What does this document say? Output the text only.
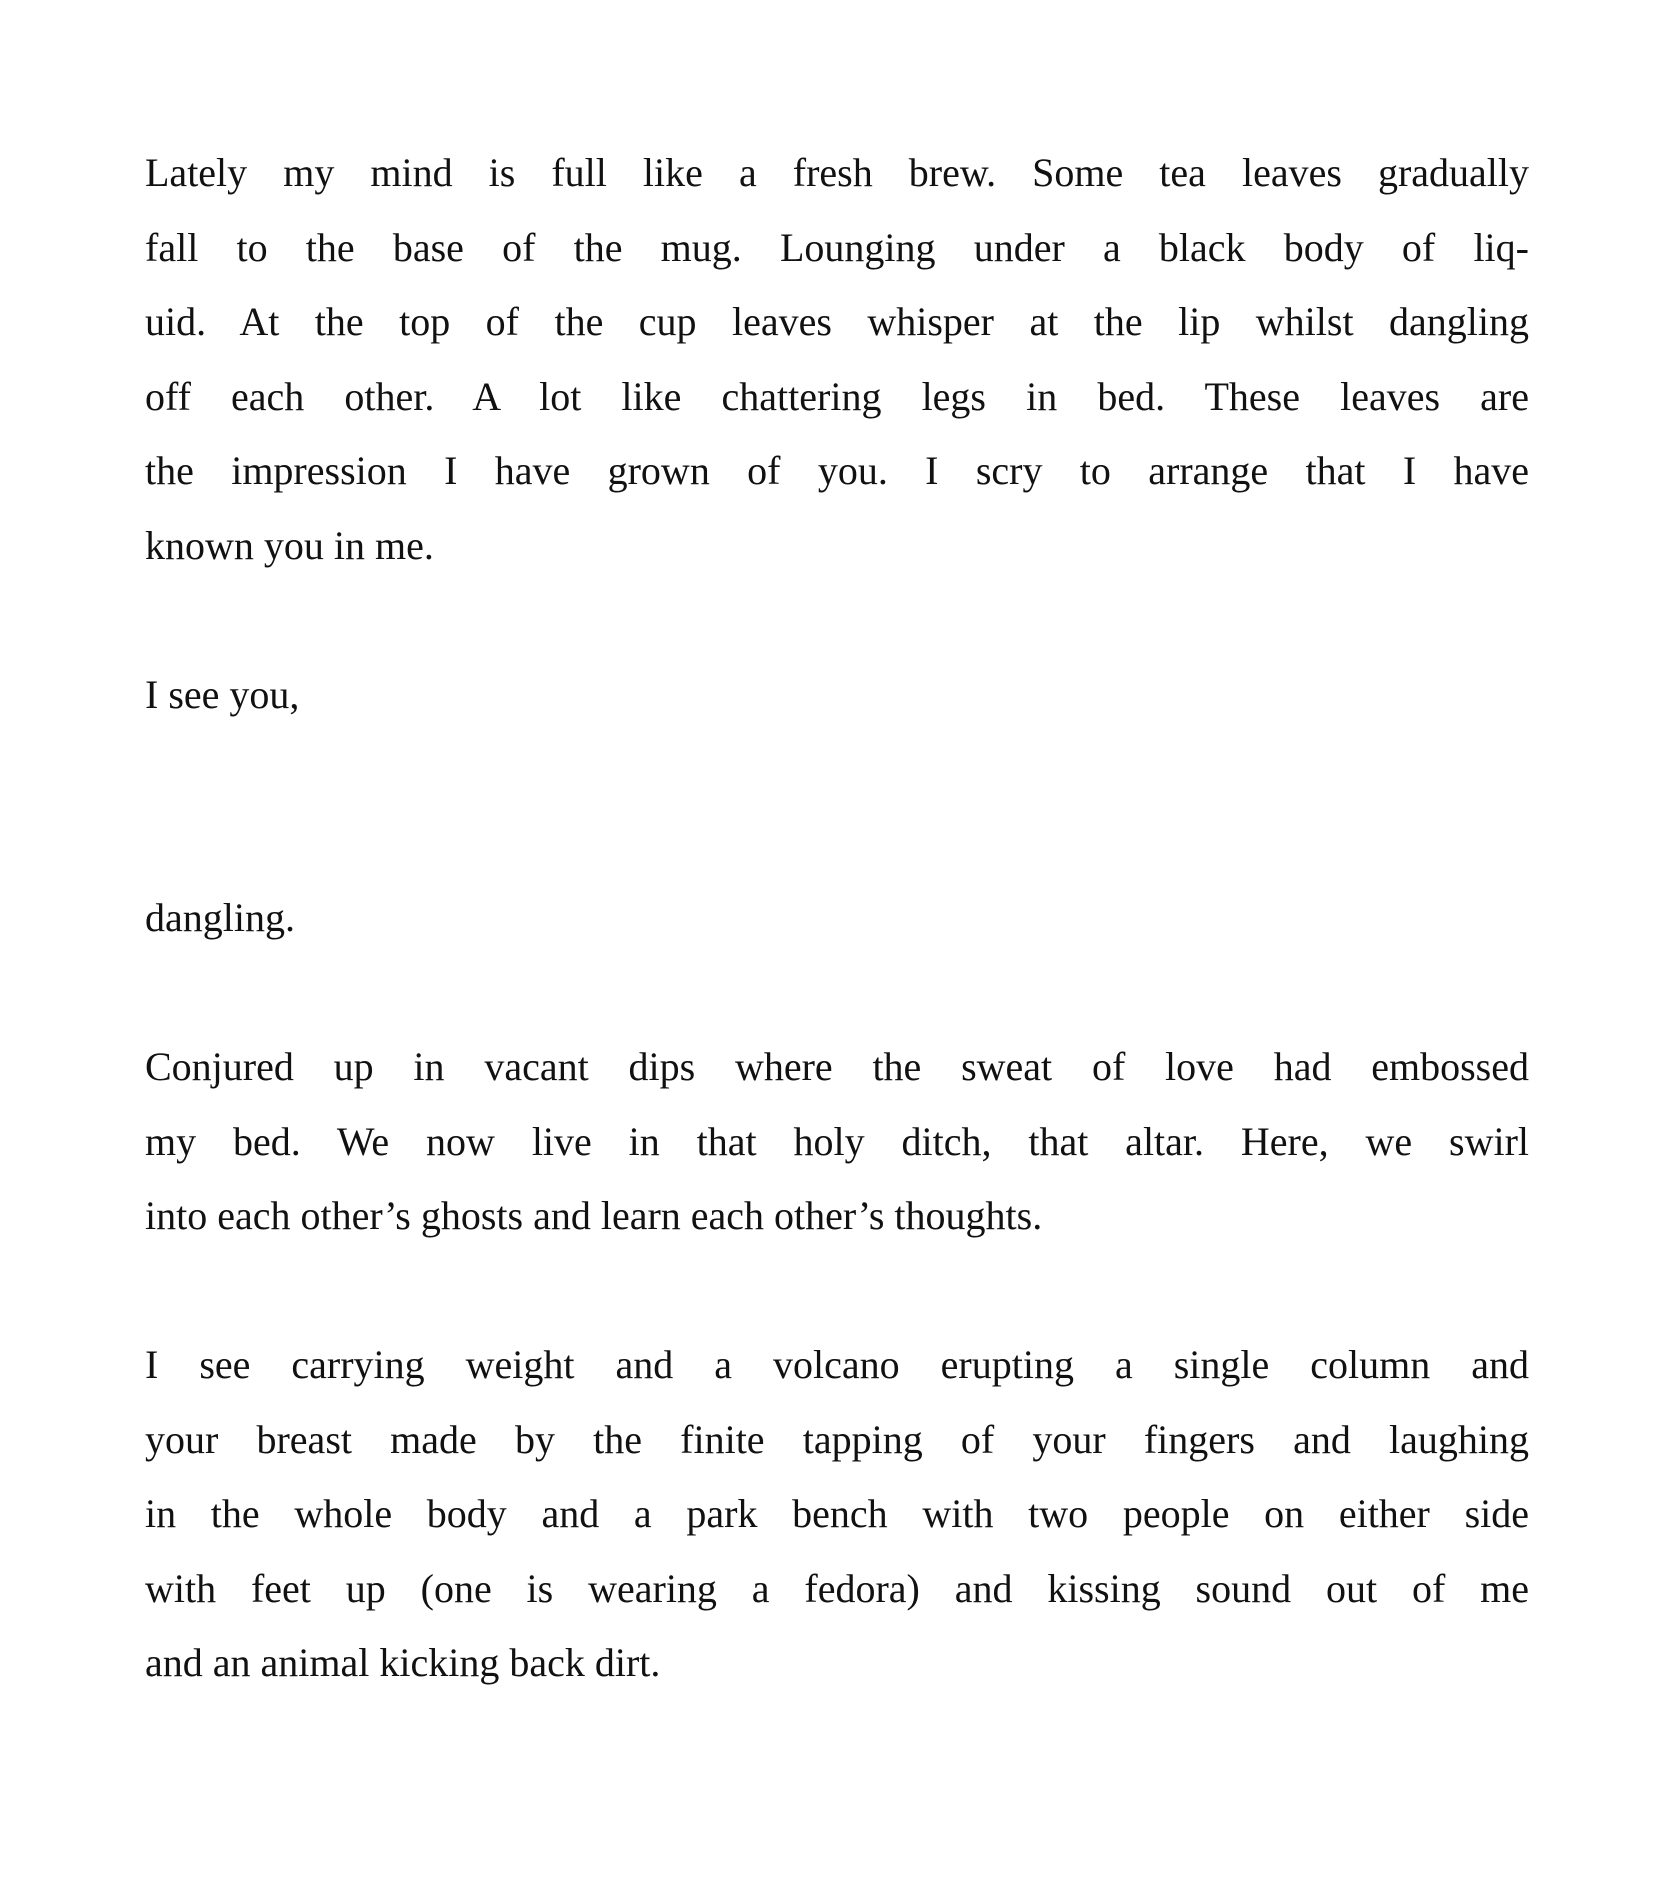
Lately my mind is full like a fresh brew. Some tea leaves gradually
fall to the base of the mug. Lounging under a black body of liq-
uid. At the top of the cup leaves whisper at the lip whilst dangling
off each other. A lot like chattering legs in bed. These leaves are
the impression I have grown of you. I scry to arrange that I have
known you in me.
I see you,
dangling.
Conjured up in vacant dips where the sweat of love had embossed
my bed. We now live in that holy ditch, that altar. Here, we swirl
into each other’s ghosts and learn each other’s thoughts.
I see carrying weight and a volcano erupting a single column and
your breast made by the finite tapping of your fingers and laughing
in the whole body and a park bench with two people on either side
with feet up (one is wearing a fedora) and kissing sound out of me
and an animal kicking back dirt.
